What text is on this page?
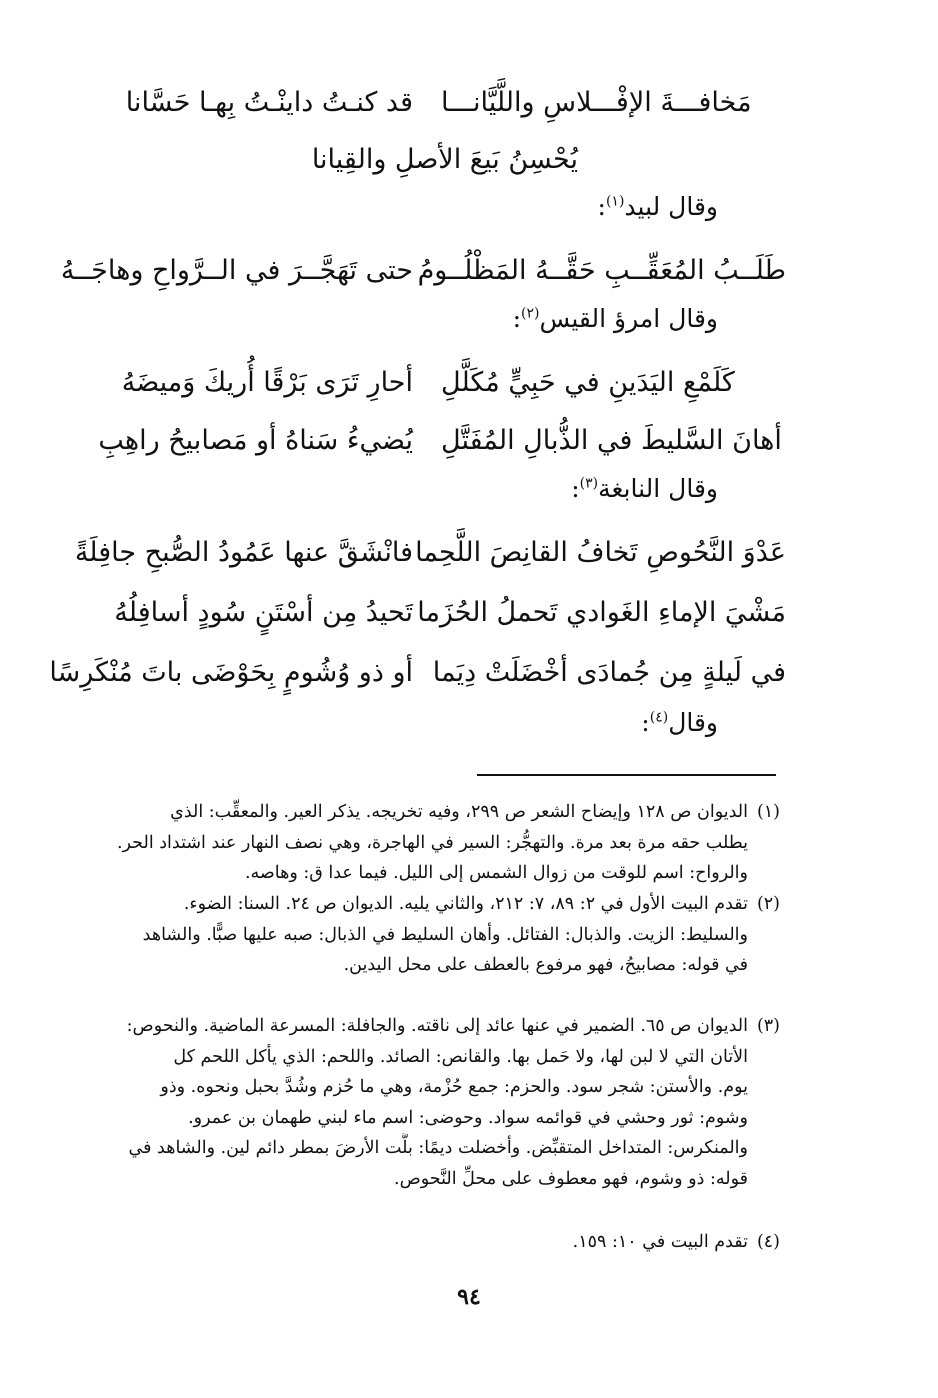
قد كنـتُ داينْـتُ بِهـا حَسَّانا مَخافـــةَ الإفْـــلاسِ واللَّيَّانـــا
يُحْسِنُ بَيعَ الأصلِ والقِيانا
وقال لبيد$^{(١)}$:
حتى تَهَجَّــرَ في الــرَّواحِ وهاجَــهُ طَلَــبُ المُعَقِّــبِ حَقَّــهُ المَظْلُــومُ
وقال امرؤ القيس$^{(٢)}$:
أحارِ تَرَى بَرْقًا أُريكَ وَميضَهُ كَلَمْعِ اليَدَينِ في حَبِيٍّ مُكَلَّلِ
يُضيءُ سَناهُ أو مَصابيحُ راهِبِ أهانَ السَّليطَ في الذُّبالِ المُفَتَّلِ
وقال النابغة$^{(٣)}$:
فانْشَقَّ عنها عَمُودُ الصُّبحِ جافِلَةً عَدْوَ النَّحُوصِ تَخافُ القانِصَ اللَّحِما
تَحيدُ مِن أسْتَنٍ سُودٍ أسافِلُهُ مَشْيَ الإماءِ الغَوادي تَحملُ الحُزَما
أو ذو وُشُومٍ بِحَوْضَى باتَ مُنْكَرِسًا في لَيلةٍ مِن جُمادَى أخْضَلَتْ دِيَما
وقال$^{(٤)}$:
(١)الديوان ص ١٢٨ وإيضاح الشعر ص ٢٩٩، وفيه تخريجه. يذكر العير. والمعقِّب: الذي
يطلب حقه مرة بعد مرة. والتهجُّر: السير في الهاجرة، وهي نصف النهار عند اشتداد الحر.
والرواح: اسم للوقت من زوال الشمس إلى الليل. فيما عدا ق: وهاصه.
(٢)تقدم البيت الأول في ٢: ٨٩، ٧: ٢١٢، والثاني يليه. الديوان ص ٢٤. السنا: الضوء.
والسليط: الزيت. والذبال: الفتائل. وأهان السليط في الذبال: صبه عليها صبًّا. والشاهد
في قوله: مصابيحُ، فهو مرفوع بالعطف على محل اليدين.
(٣)الديوان ص ٦٥. الضمير في عنها عائد إلى ناقته. والجافلة: المسرعة الماضية. والنحوص:
الأتان التي لا لبن لها، ولا حَمل بها. والقانص: الصائد. واللحم: الذي يأكل اللحم كل
يوم. والأستن: شجر سود. والحزم: جمع حُزْمة، وهي ما حُزم وشُدَّ بحبل ونحوه. وذو
وشوم: ثور وحشي في قوائمه سواد. وحوضى: اسم ماء لبني طهمان بن عمرو.
والمنكرس: المتداخل المتقبِّض. وأخضلت ديمًا: بلَّت الأرضَ بمطر دائم لين. والشاهد في
قوله: ذو وشوم، فهو معطوف على محلِّ النَّحوص.
(٤)تقدم البيت في ١٠: ١٥٩.
٩٤
